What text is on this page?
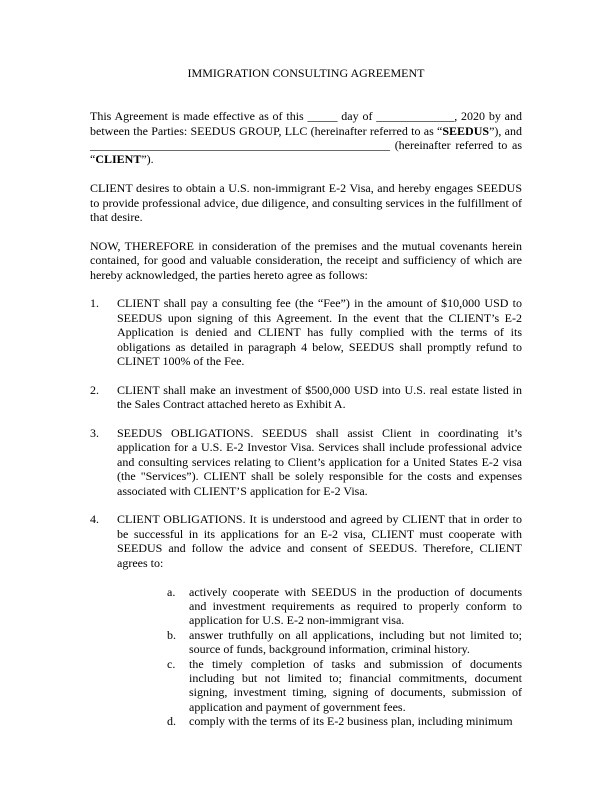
IMMIGRATION CONSULTING AGREEMENT

This Agreement is made effective as of this _____ day of _____________, 2020 by and between the Parties: SEEDUS GROUP, LLC (hereinafter referred to as “SEEDUS”), and __________________________________________________ (hereinafter referred to as “CLIENT”).

CLIENT desires to obtain a U.S. non-immigrant E-2 Visa, and hereby engages SEEDUS to provide professional advice, due diligence, and consulting services in the fulfillment of that desire.

NOW, THEREFORE in consideration of the premises and the mutual covenants herein contained, for good and valuable consideration, the receipt and sufficiency of which are hereby acknowledged, the parties hereto agree as follows:

1. CLIENT shall pay a consulting fee (the “Fee”) in the amount of $10,000 USD to SEEDUS upon signing of this Agreement. In the event that the CLIENT’s E-2 Application is denied and CLIENT has fully complied with the terms of its obligations as detailed in paragraph 4 below, SEEDUS shall promptly refund to CLINET 100% of the Fee.
2. CLIENT shall make an investment of $500,000 USD into U.S. real estate listed in the Sales Contract attached hereto as Exhibit A.
3. SEEDUS OBLIGATIONS. SEEDUS shall assist Client in coordinating it’s application for a U.S. E-2 Investor Visa. Services shall include professional advice and consulting services relating to Client’s application for a United States E-2 visa (the "Services”). CLIENT shall be solely responsible for the costs and expenses associated with CLIENT’S application for E-2 Visa.
4. CLIENT OBLIGATIONS. It is understood and agreed by CLIENT that in order to be successful in its applications for an E-2 visa, CLIENT must cooperate with SEEDUS and follow the advice and consent of SEEDUS. Therefore, CLIENT agrees to:
a. actively cooperate with SEEDUS in the production of documents and investment requirements as required to properly conform to application for U.S. E-2 non-immigrant visa.
b. answer truthfully on all applications, including but not limited to; source of funds, background information, criminal history.
c. the timely completion of tasks and submission of documents including but not limited to; financial commitments, document signing, investment timing, signing of documents, submission of application and payment of government fees.
d. comply with the terms of its E-2 business plan, including minimum
